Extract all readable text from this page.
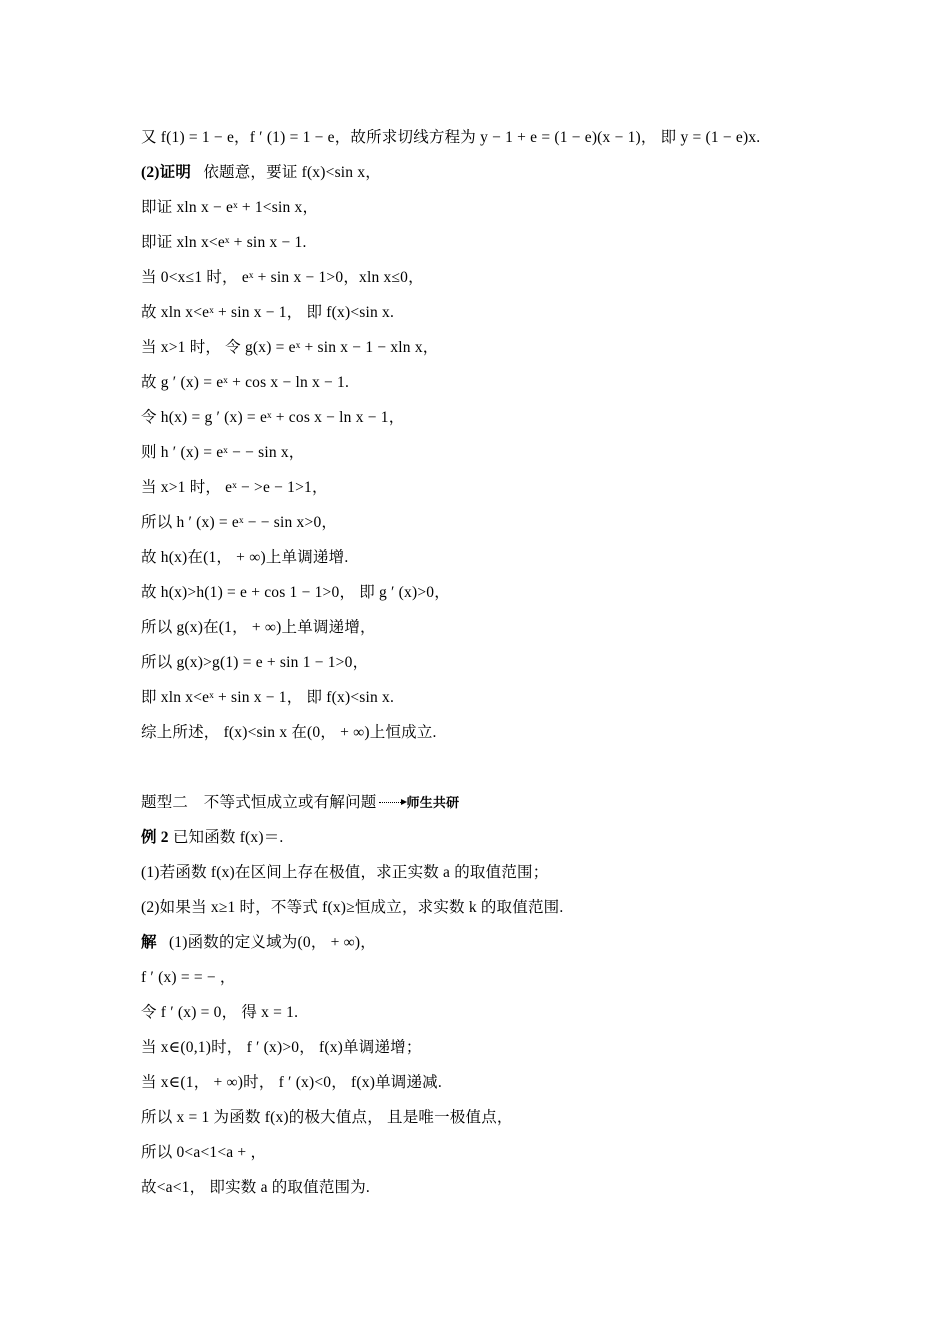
又 f(1) = 1 − e，f ′ (1) = 1 − e，故所求切线方程为 y − 1 + e = (1 − e)(x − 1)， 即 y = (1 − e)x.
(2)证明 依题意，要证 f(x)<sin x，
即证 xln x − eˣ + 1<sin x，
即证 xln x<eˣ + sin x − 1.
当 0<x≤1 时， eˣ + sin x − 1>0，xln x≤0，
故 xln x<eˣ + sin x − 1， 即 f(x)<sin x.
当 x>1 时， 令 g(x) = eˣ + sin x − 1 − xln x，
故 g ′ (x) = eˣ + cos x − ln x − 1.
令 h(x) = g ′ (x) = eˣ + cos x − ln x − 1，
则 h ′ (x) = eˣ − − sin x，
当 x>1 时， eˣ − >e − 1>1，
所以 h ′ (x) = eˣ − − sin x>0，
故 h(x)在(1， + ∞)上单调递增.
故 h(x)>h(1) = e + cos 1 − 1>0， 即 g ′ (x)>0，
所以 g(x)在(1， + ∞)上单调递增，
所以 g(x)>g(1) = e + sin 1 − 1>0，
即 xln x<eˣ + sin x − 1， 即 f(x)<sin x.
综上所述， f(x)<sin x 在(0， + ∞)上恒成立.
题型二　不等式恒成立或有解问题 师生共研
例 2 已知函数 f(x)＝.
(1)若函数 f(x)在区间上存在极值，求正实数 a 的取值范围；
(2)如果当 x≥1 时，不等式 f(x)≥恒成立，求实数 k 的取值范围.
解 (1)函数的定义域为(0， + ∞)，
f ′ (x) = = − ，
令 f ′ (x) = 0， 得 x = 1.
当 x∈(0,1)时， f ′ (x)>0， f(x)单调递增；
当 x∈(1， + ∞)时， f ′ (x)<0， f(x)单调递减.
所以 x = 1 为函数 f(x)的极大值点， 且是唯一极值点，
所以 0<a<1<a + ，
故<a<1， 即实数 a 的取值范围为.
